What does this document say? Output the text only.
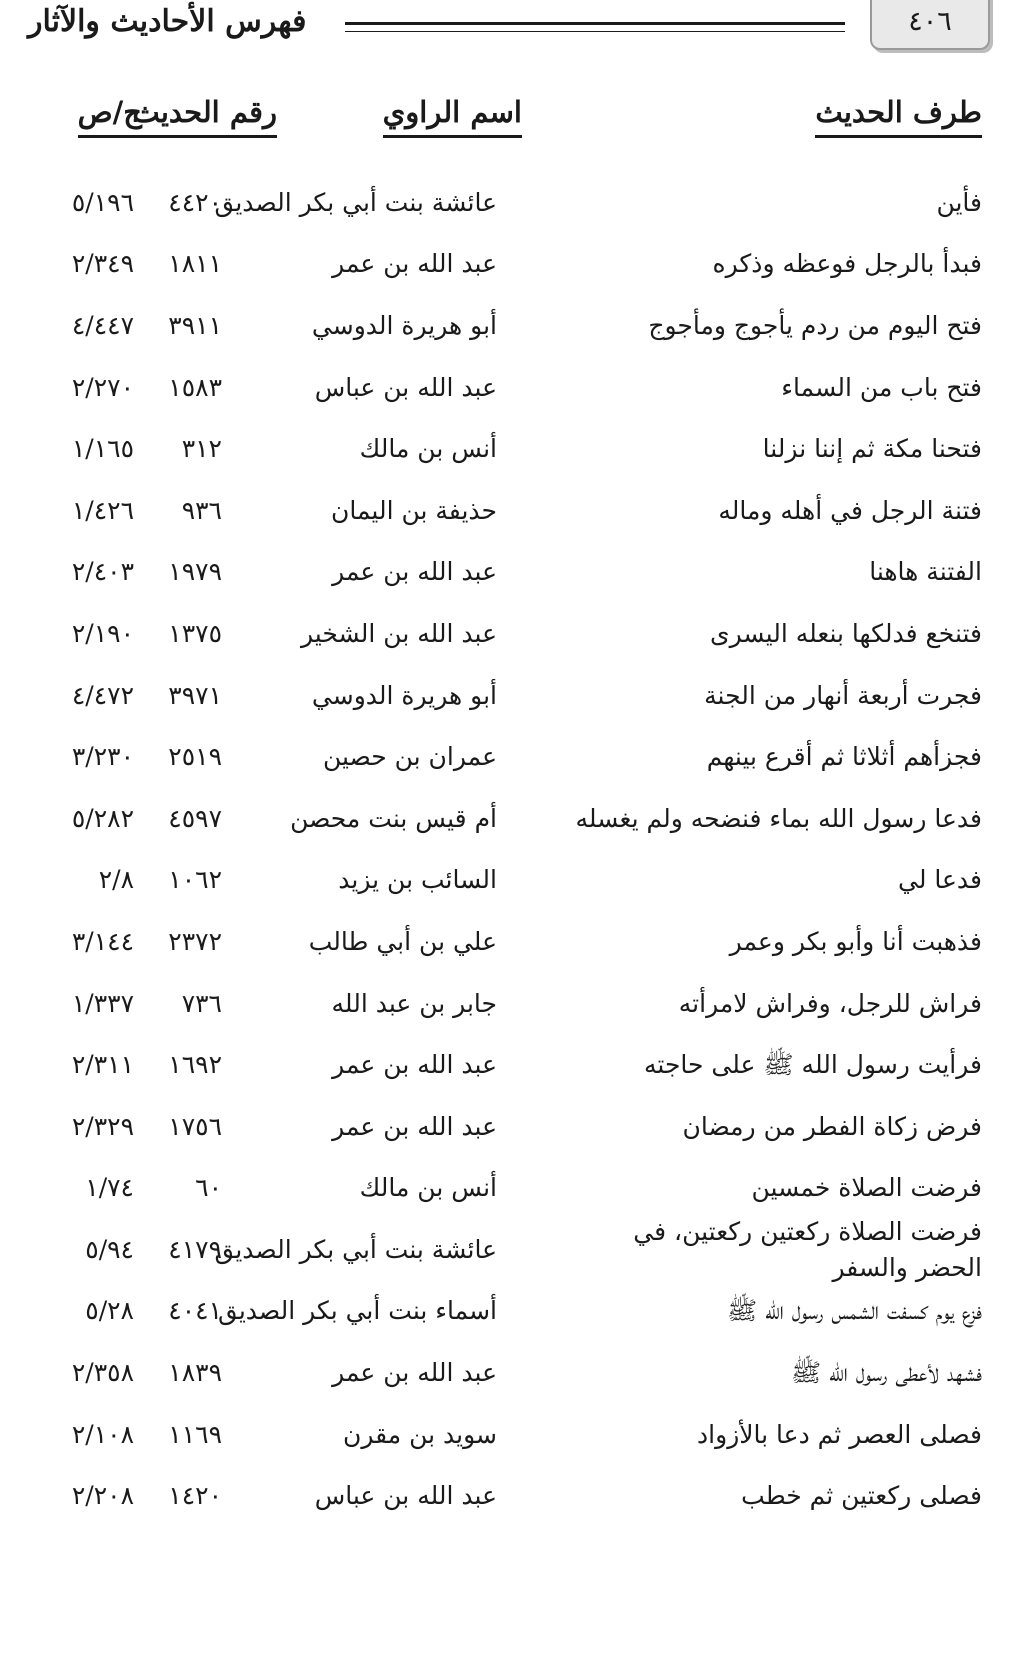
٤٠٦
فهرس الأحاديث والآثار
طرف الحديث
اسم الراوي
رقم الحديث
ج/ص
فأين
عائشة بنت أبي بكر الصديق
٤٤٢٠
٥/١٩٦
فبدأ بالرجل فوعظه وذكره
عبد الله بن عمر
١٨١١
٢/٣٤٩
فتح اليوم من ردم يأجوج ومأجوج
أبو هريرة الدوسي
٣٩١١
٤/٤٤٧
فتح باب من السماء
عبد الله بن عباس
١٥٨٣
٢/٢٧٠
فتحنا مكة ثم إننا نزلنا
أنس بن مالك
٣١٢
١/١٦٥
فتنة الرجل في أهله وماله
حذيفة بن اليمان
٩٣٦
١/٤٢٦
الفتنة هاهنا
عبد الله بن عمر
١٩٧٩
٢/٤٠٣
فتنخع فدلكها بنعله اليسرى
عبد الله بن الشخير
١٣٧٥
٢/١٩٠
فجرت أربعة أنهار من الجنة
أبو هريرة الدوسي
٣٩٧١
٤/٤٧٢
فجزأهم أثلاثا ثم أقرع بينهم
عمران بن حصين
٢٥١٩
٣/٢٣٠
فدعا رسول الله بماء فنضحه ولم يغسله
أم قيس بنت محصن
٤٥٩٧
٥/٢٨٢
فدعا لي
السائب بن يزيد
١٠٦٢
٢/٨
فذهبت أنا وأبو بكر وعمر
علي بن أبي طالب
٢٣٧٢
٣/١٤٤
فراش للرجل، وفراش لامرأته
جابر بن عبد الله
٧٣٦
١/٣٣٧
فرأيت رسول الله ﷺ على حاجته
عبد الله بن عمر
١٦٩٢
٢/٣١١
فرض زكاة الفطر من رمضان
عبد الله بن عمر
١٧٥٦
٢/٣٢٩
فرضت الصلاة خمسين
أنس بن مالك
٦٠
١/٧٤
فرضت الصلاة ركعتين ركعتين، في الحضر والسفر
عائشة بنت أبي بكر الصديق
٤١٧٩
٥/٩٤
فزع يوم كسفت الشمس رسول الله ﷺ
أسماء بنت أبي بكر الصديق
٤٠٤١
٥/٢٨
فشهد لأعطى رسول الله ﷺ
عبد الله بن عمر
١٨٣٩
٢/٣٥٨
فصلى العصر ثم دعا بالأزواد
سويد بن مقرن
١١٦٩
٢/١٠٨
فصلى ركعتين ثم خطب
عبد الله بن عباس
١٤٢٠
٢/٢٠٨
